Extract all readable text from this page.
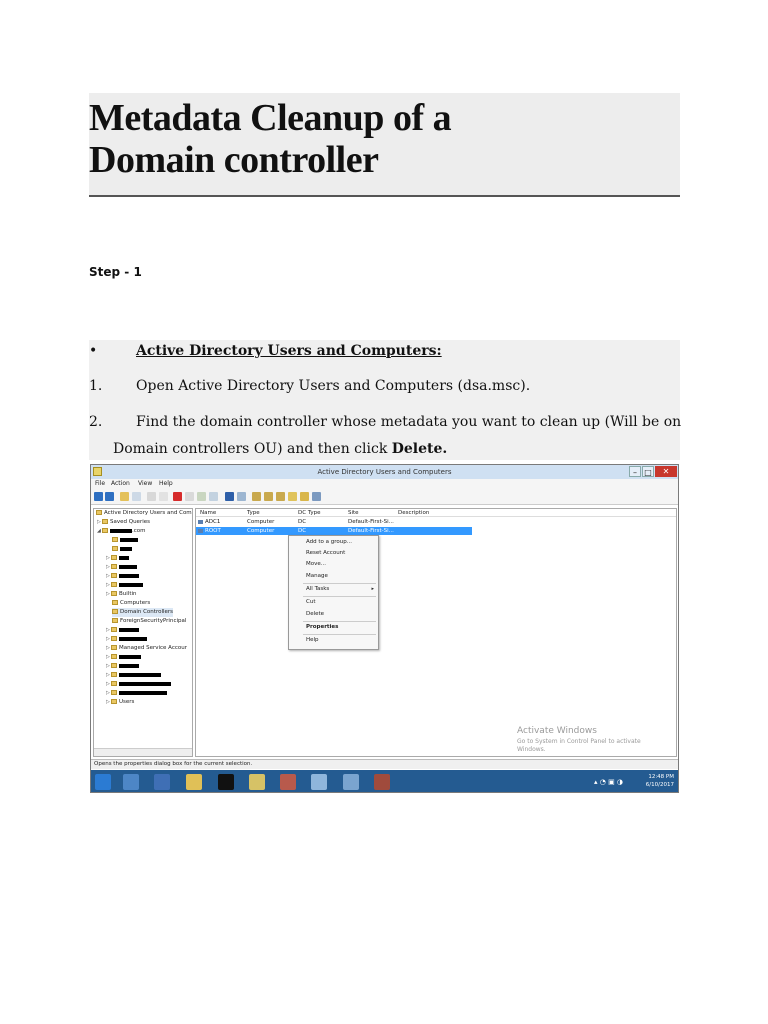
Metadata Cleanup of a
Domain controller
Step - 1
•	Active Directory Users and Computers:
1.	Open Active Directory Users and Computers (dsa.msc).
2.	Find the domain controller whose metadata you want to clean up (Will be on
Domain controllers OU) and then click Delete.
Active Directory Users and Computers	– □	✕
File Action View Help
Active Directory Users and Com
▷ Saved Queries
◢	.com
▷
▷
▷
▷
▷ Builtin
Computers
Domain Controllers
ForeignSecurityPrincipal
▷
▷
▷ Managed Service Accour
▷
▷
▷
▷
▷
▷ Users
Name	Type	DC Type	Site	Description
ADC1	Computer	DC	Default-First-Si...
ROOT	Computer	DC	Default-First-Si...
Add to a group...
Reset Account
Move...
Manage
All Tasks	▸
Cut
Delete
Properties
Help
Activate Windows
Go to System in Control Panel to activate Windows.
Opens the properties dialog box for the current selection.
▴ ◔ ▣ ◑
12:48 PM
6/10/2017
